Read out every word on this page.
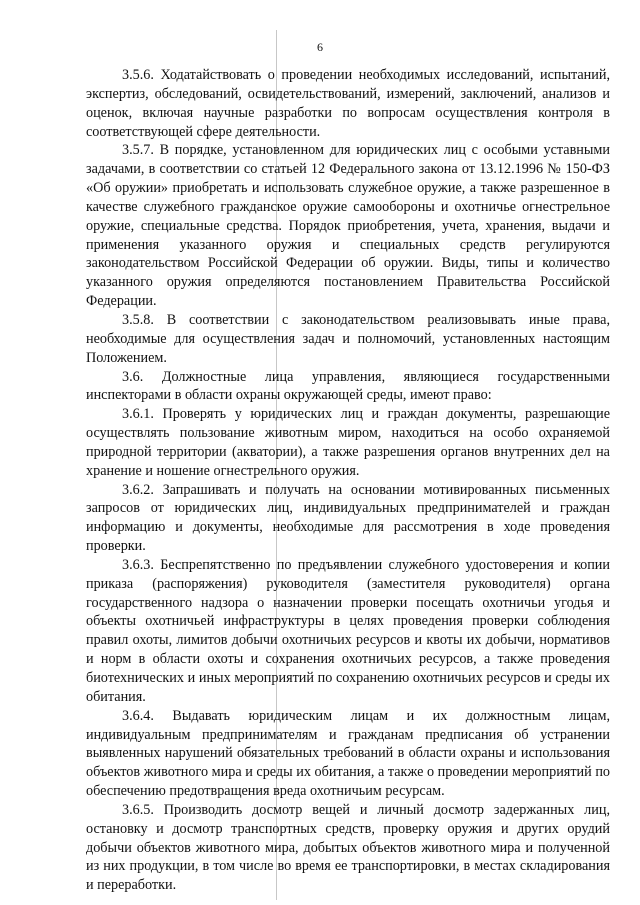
6

3.5.6. Ходатайствовать о проведении необходимых исследований, испытаний, экспертиз, обследований, освидетельствований, измерений, заключений, анализов и оценок, включая научные разработки по вопросам осуществления контроля в соответствующей сфере деятельности.

3.5.7. В порядке, установленном для юридических лиц с особыми уставными задачами, в соответствии со статьей 12 Федерального закона от 13.12.1996 № 150-ФЗ «Об оружии» приобретать и использовать служебное оружие, а также разрешенное в качестве служебного гражданское оружие самообороны и охотничье огнестрельное оружие, специальные средства. Порядок приобретения, учета, хранения, выдачи и применения указанного оружия и специальных средств регулируются законодательством Российской Федерации об оружии. Виды, типы и количество указанного оружия определяются постановлением Правительства Российской Федерации.

3.5.8. В соответствии с законодательством реализовывать иные права, необходимые для осуществления задач и полномочий, установленных настоящим Положением.

3.6. Должностные лица управления, являющиеся государственными инспекторами в области охраны окружающей среды, имеют право:

3.6.1. Проверять у юридических лиц и граждан документы, разрешающие осуществлять пользование животным миром, находиться на особо охраняемой природной территории (акватории), а также разрешения органов внутренних дел на хранение и ношение огнестрельного оружия.

3.6.2. Запрашивать и получать на основании мотивированных письменных запросов от юридических лиц, индивидуальных предпринимателей и граждан информацию и документы, необходимые для рассмотрения в ходе проведения проверки.

3.6.3. Беспрепятственно по предъявлении служебного удостоверения и копии приказа (распоряжения) руководителя (заместителя руководителя) органа государственного надзора о назначении проверки посещать охотничьи угодья и объекты охотничьей инфраструктуры в целях проведения проверки соблюдения правил охоты, лимитов добычи охотничьих ресурсов и квоты их добычи, нормативов и норм в области охоты и сохранения охотничьих ресурсов, а также проведения биотехнических и иных мероприятий по сохранению охотничьих ресурсов и среды их обитания.

3.6.4. Выдавать юридическим лицам и их должностным лицам, индивидуальным предпринимателям и гражданам предписания об устранении выявленных нарушений обязательных требований в области охраны и использования объектов животного мира и среды их обитания, а также о проведении мероприятий по обеспечению предотвращения вреда охотничьим ресурсам.

3.6.5. Производить досмотр вещей и личный досмотр задержанных лиц, остановку и досмотр транспортных средств, проверку оружия и других орудий добычи объектов животного мира, добытых объектов животного мира и полученной из них продукции, в том числе во время ее транспортировки, в местах складирования и переработки.
